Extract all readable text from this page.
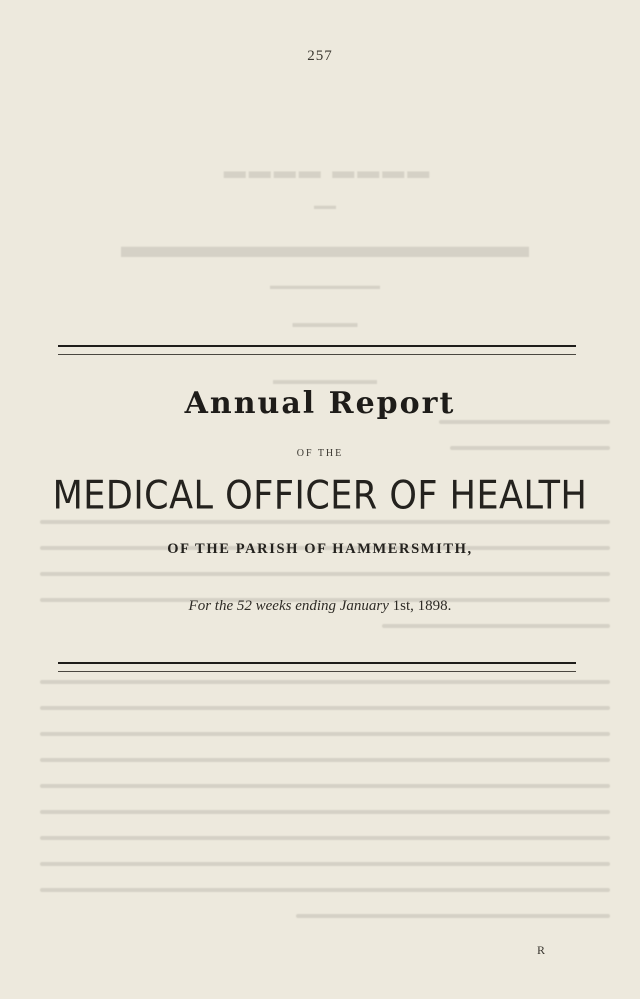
▬▬▬▬ ▬▬▬▬
▬▬
▬▬▬▬▬▬▬▬▬▬▬▬
▬▬▬▬▬▬▬▬▬▬
▬▬▬▬▬
▬▬▬▬▬▬▬▬
257
Annual Report
OF THE
MEDICAL OFFICER OF HEALTH
OF THE PARISH OF HAMMERSMITH,
For the 52 weeks ending January 1st, 1898.
R
